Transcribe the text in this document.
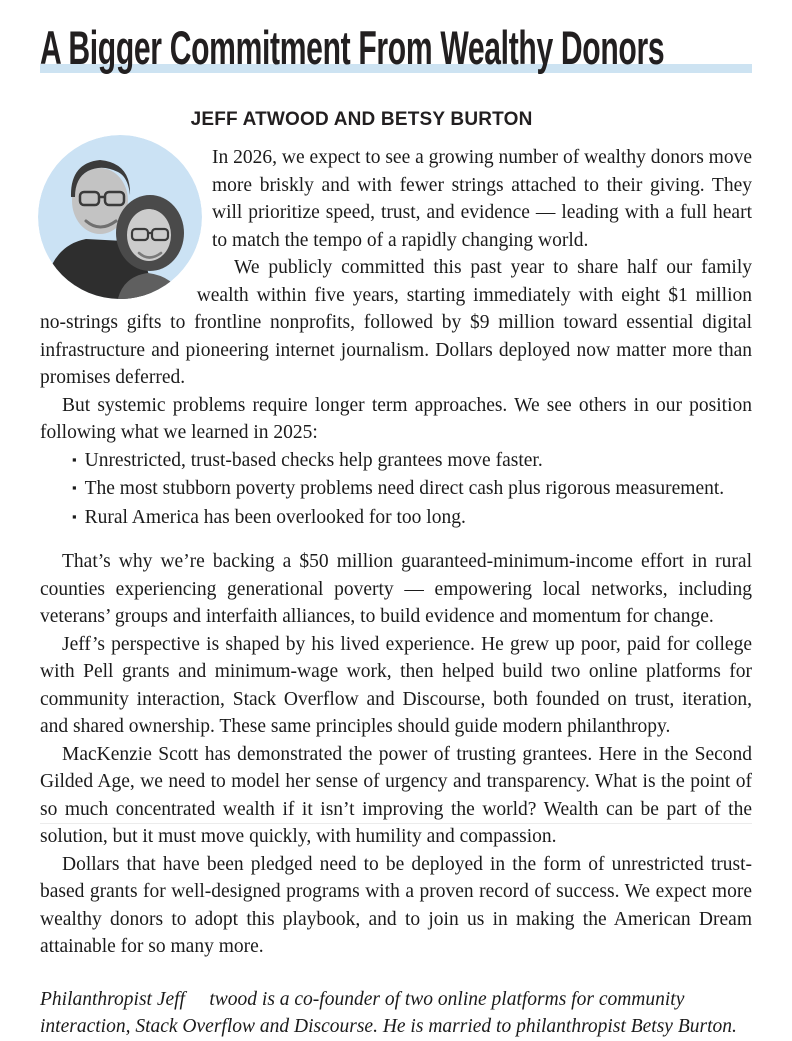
A Bigger Commitment From Wealthy Donors
JEFF ATWOOD AND BETSY BURTON

In 2026, we expect to see a growing number of wealthy donors move more briskly and with fewer strings attached to their giving. They will prioritize speed, trust, and evidence — leading with a full heart to match the tempo of a rapidly changing world.

We publicly committed this past year to share half our family wealth within five years, starting immediately with eight $1 million no-strings gifts to frontline nonprofits, followed by $9 million toward essential digital infrastructure and pioneering internet journalism. Dollars deployed now matter more than promises deferred.

But systemic problems require longer term approaches. We see others in our position following what we learned in 2025:

▪ Unrestricted, trust-based checks help grantees move faster.
▪ The most stubborn poverty problems need direct cash plus rigorous measurement.
▪ Rural America has been overlooked for too long.

That’s why we’re backing a $50 million guaranteed-minimum-income effort in rural counties experiencing generational poverty — empowering local networks, including veterans’ groups and interfaith alliances, to build evidence and momentum for change.

Jeff’s perspective is shaped by his lived experience. He grew up poor, paid for college with Pell grants and minimum-wage work, then helped build two online platforms for community interaction, Stack Overflow and Discourse, both founded on trust, iteration, and shared ownership. These same principles should guide modern philanthropy.

MacKenzie Scott has demonstrated the power of trusting grantees. Here in the Second Gilded Age, we need to model her sense of urgency and transparency. What is the point of so much concentrated wealth if it isn’t improving the world? Wealth can be part of the solution, but it must move quickly, with humility and compassion.

Dollars that have been pledged need to be deployed in the form of unrestricted trust-based grants for well-designed programs with a proven record of success. We expect more wealthy donors to adopt this playbook, and to join us in making the American Dream attainable for so many more.

Philanthropist Jeff  twood is a co-founder of two online platforms for community interaction, Stack Overflow and Discourse. He is married to philanthropist Betsy Burton.
